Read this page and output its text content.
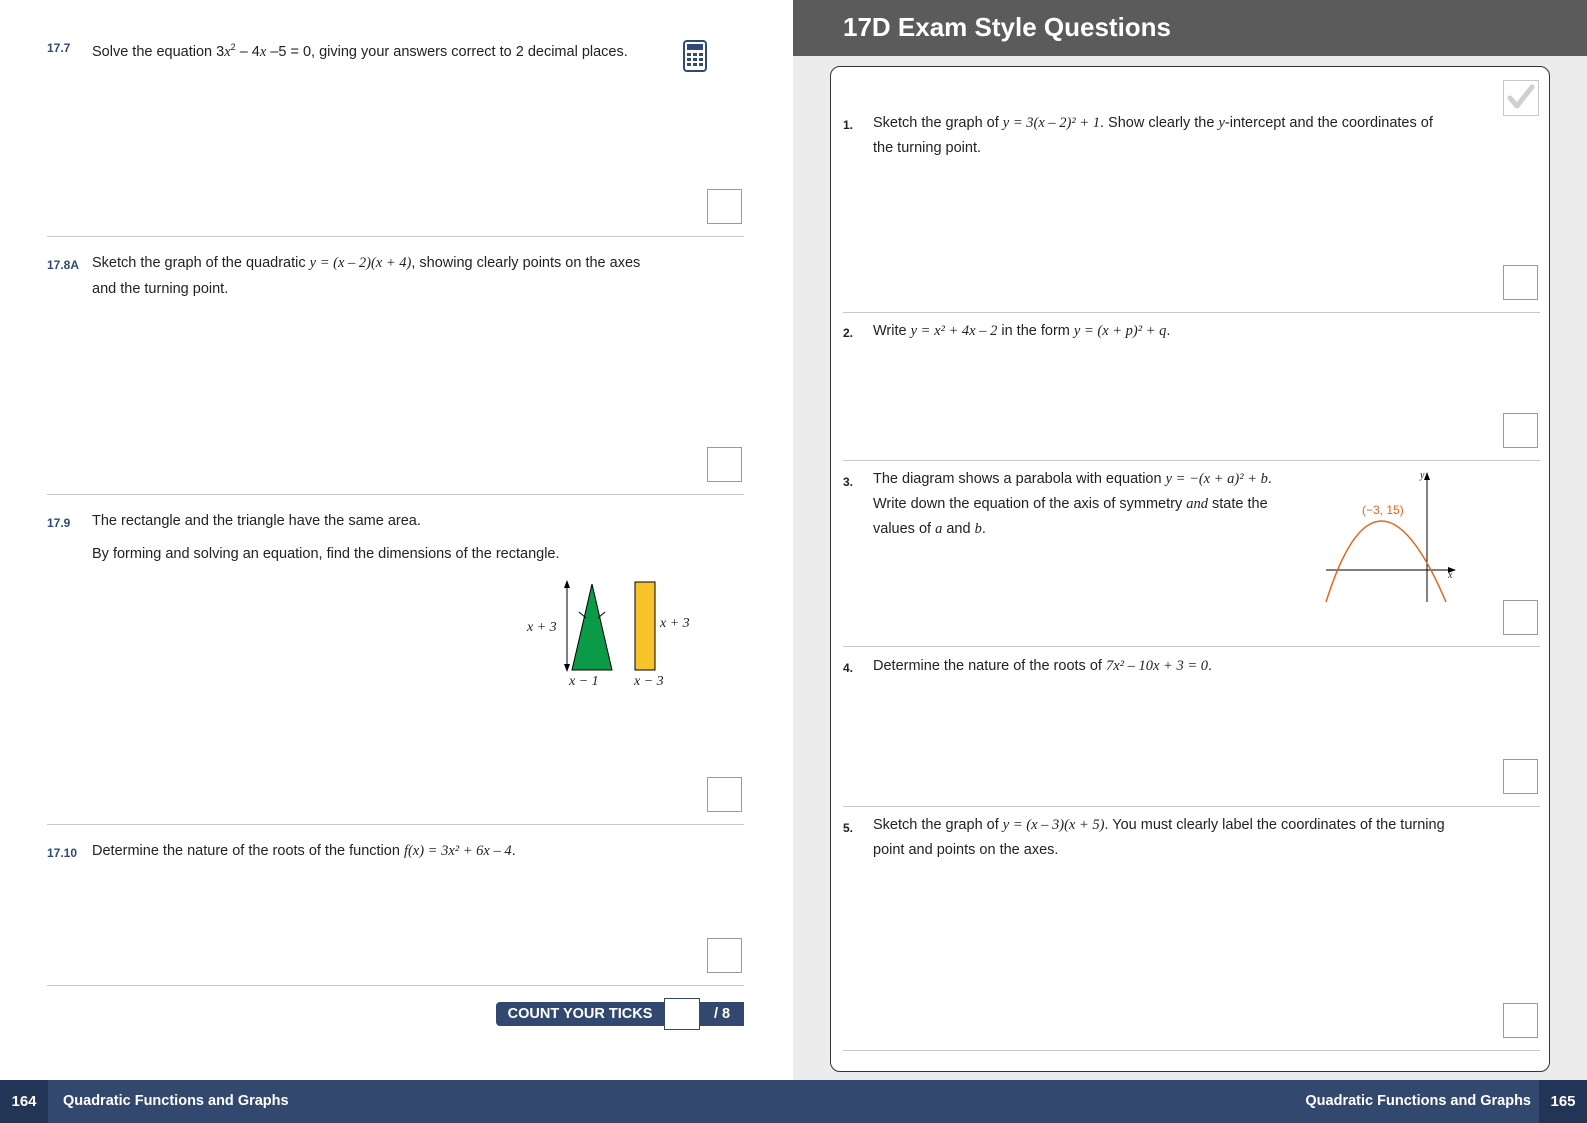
17D Exam Style Questions
17.7 Solve the equation $3x^2 - 4x$ –5 = 0, giving your answers correct to 2 decimal places.
17.8A Sketch the graph of the quadratic y = (x – 2)(x + 4), showing clearly points on the axes
and the turning point.
17.9 The rectangle and the triangle have the same area.
By forming and solving an equation, find the dimensions of the rectangle.
x + 3
x − 1
x + 3
x − 3
17.10 Determine the nature of the roots of the function f(x) = 3x² + 6x – 4.
COUNT YOUR TICKS	/ 8
1. Sketch the graph of y = 3(x – 2)² + 1. Show clearly the y-intercept and the coordinates of
the turning point.
2. Write y = x² + 4x – 2 in the form y = (x + p)² + q.
3. The diagram shows a parabola with equation y = −(x + a)² + b.
Write down the equation of the axis of symmetry and state the
values of a and b.
y
x
(−3, 15)
4. Determine the nature of the roots of 7x² – 10x + 3 = 0.
5. Sketch the graph of y = (x – 3)(x + 5). You must clearly label the coordinates of the turning
point and points on the axes.
164	Quadratic Functions and Graphs	Quadratic Functions and Graphs	165
